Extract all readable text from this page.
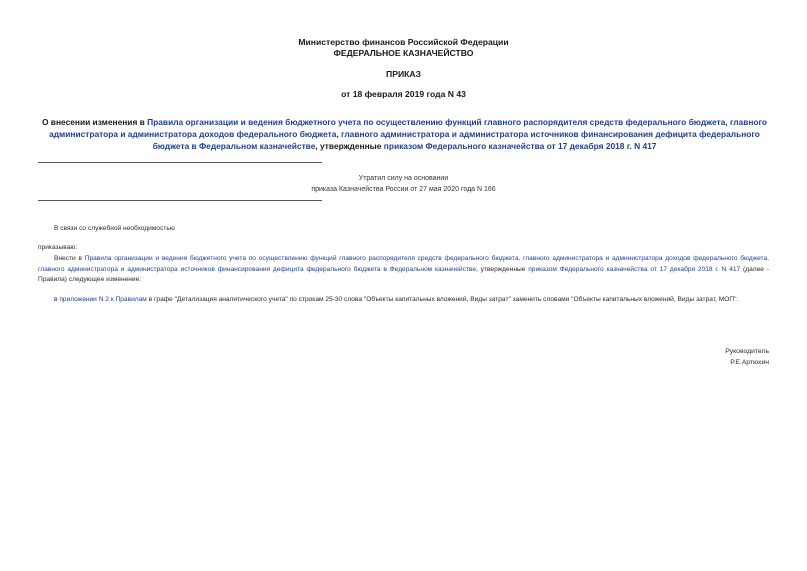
Министерство финансов Российской Федерации
ФЕДЕРАЛЬНОЕ КАЗНАЧЕЙСТВО
ПРИКАЗ
от 18 февраля 2019 года N 43
О внесении изменения в Правила организации и ведения бюджетного учета по осуществлению функций главного распорядителя средств федерального бюджета, главного администратора и администратора доходов федерального бюджета, главного администратора и администратора источников финансирования дефицита федерального бюджета в Федеральном казначействе, утвержденные приказом Федерального казначейства от 17 декабря 2018 г. N 417
Утратил силу на основании
приказа Казначейства России от 27 мая 2020 года N 166
В связи со служебной необходимостью
приказываю:
Внести в Правила организации и ведения бюджетного учета по осуществлению функций главного распорядителя средств федерального бюджета, главного администратора и администратора доходов федерального бюджета, главного администратора и администратора источников финансирования дефицита федерального бюджета в Федеральном казначействе, утвержденные приказом Федерального казначейства от 17 декабря 2018 г. N 417 (далее - Правила) следующее изменение:
в приложении N 2 к Правилам в графе "Детализация аналитического учета" по строкам 25-30 слова "Объекты капитальных вложений, Виды затрат" заменить словами "Объекты капитальных вложений, Виды затрат, МОП".
Руководитель
Р.Е.Артюхин
